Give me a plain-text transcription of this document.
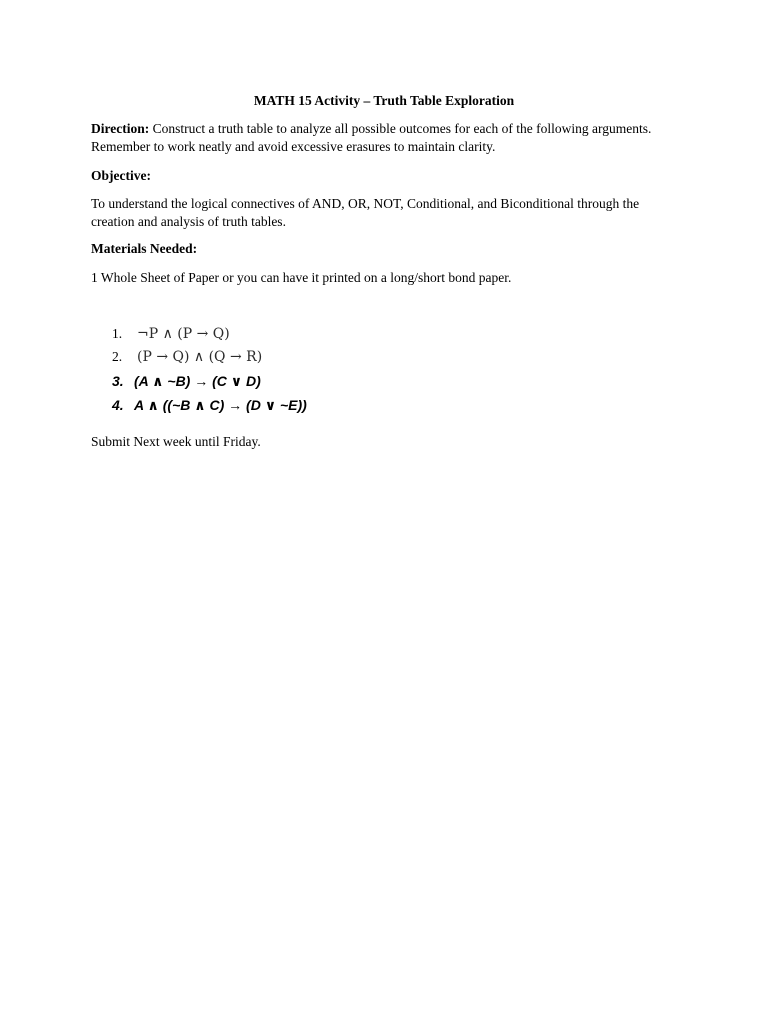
MATH 15 Activity – Truth Table Exploration
Direction: Construct a truth table to analyze all possible outcomes for each of the following arguments. Remember to work neatly and avoid excessive erasures to maintain clarity.
Objective:
To understand the logical connectives of AND, OR, NOT, Conditional, and Biconditional through the creation and analysis of truth tables.
Materials Needed:
1 Whole Sheet of Paper or you can have it printed on a long/short bond paper.
1. ¬P ∧ (P → Q)
2. (P → Q) ∧ (Q → R)
3. (A ∧ ~B) → (C ∨ D)
4. A ∧ ((~B ∧ C) → (D ∨ ~E))
Submit Next week until Friday.
